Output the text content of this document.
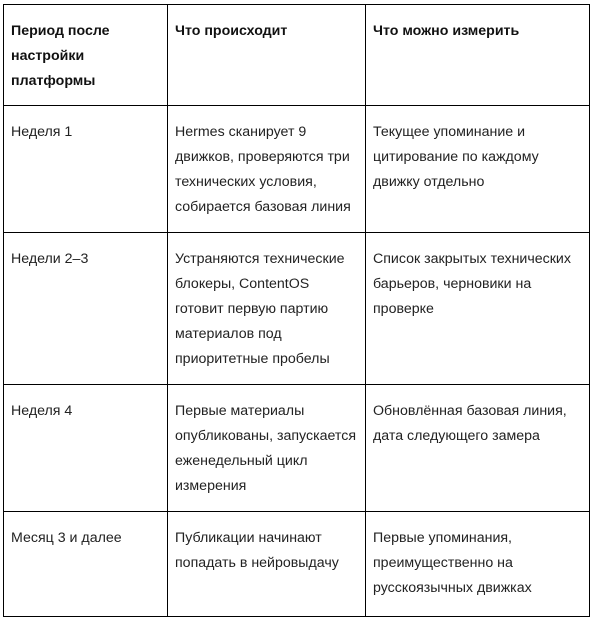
Период после настройки платформы	Что происходит	Что можно измерить
Неделя 1	Hermes сканирует 9 движков, проверяются три технических условия, собирается базовая линия	Текущее упоминание и цитирование по каждому движку отдельно
Недели 2–3	Устраняются технические блокеры, ContentOS готовит первую партию материалов под приоритетные пробелы	Список закрытых технических барьеров, черновики на проверке
Неделя 4	Первые материалы опубликованы, запускается еженедельный цикл измерения	Обновлённая базовая линия, дата следующего замера
Месяц 3 и далее	Публикации начинают попадать в нейровыдачу	Первые упоминания, преимущественно на русскоязычных движках
